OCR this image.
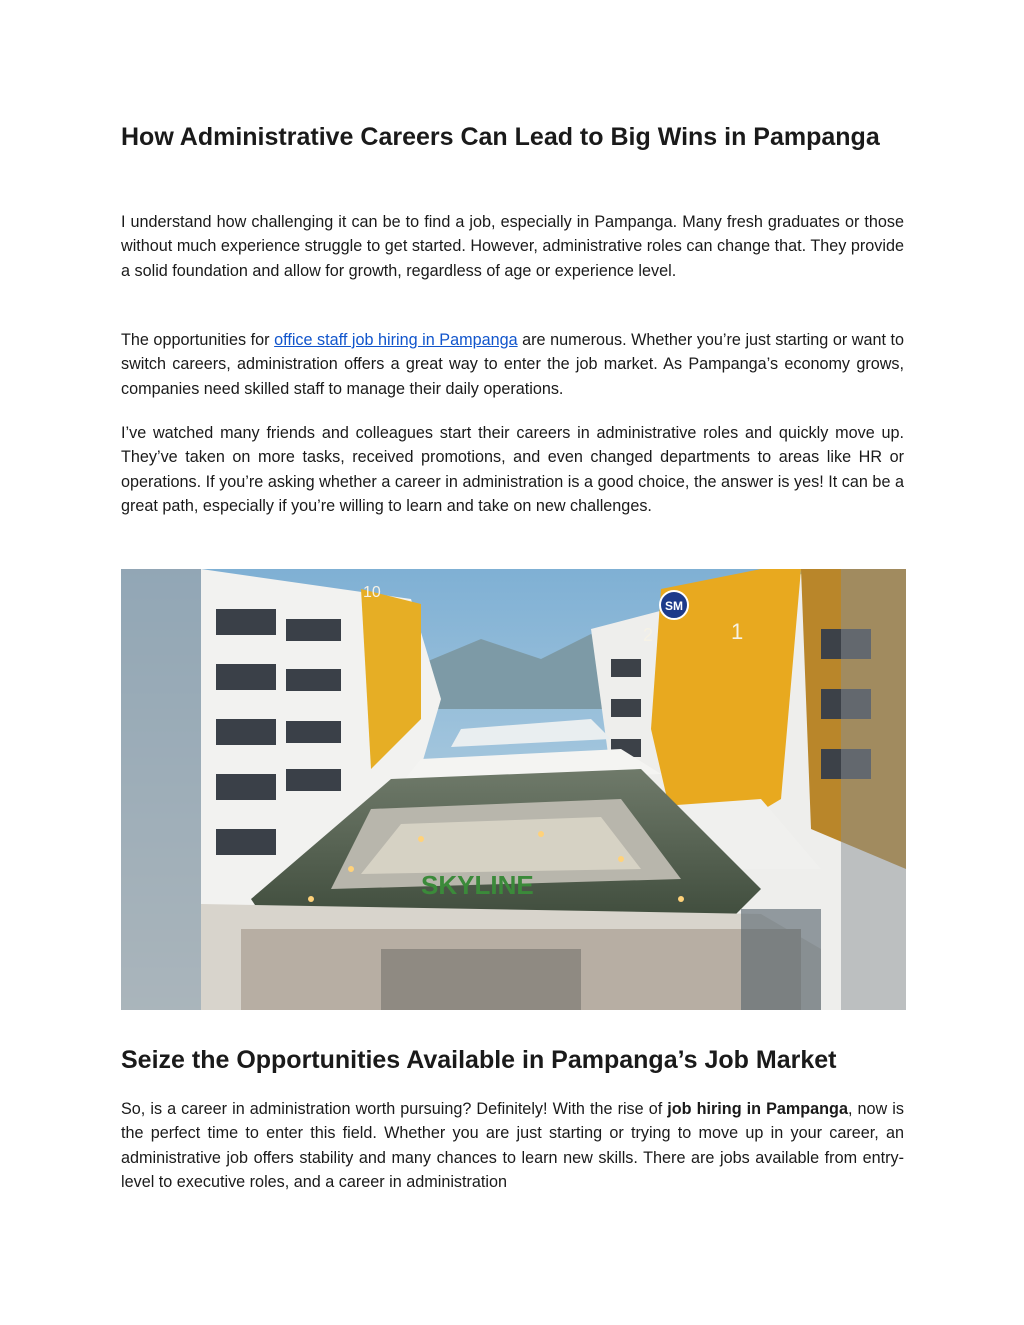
How Administrative Careers Can Lead to Big Wins in Pampanga

I understand how challenging it can be to find a job, especially in Pampanga. Many fresh graduates or those without much experience struggle to get started. However, administrative roles can change that. They provide a solid foundation and allow for growth, regardless of age or experience level.

The opportunities for office staff job hiring in Pampanga are numerous. Whether you’re just starting or want to switch careers, administration offers a great way to enter the job market. As Pampanga’s economy grows, companies need skilled staff to manage their daily operations.

I’ve watched many friends and colleagues start their careers in administrative roles and quickly move up. They’ve taken on more tasks, received promotions, and even changed departments to areas like HR or operations. If you’re asking whether a career in administration is a good choice, the answer is yes! It can be a great path, especially if you’re willing to learn and take on new challenges.

10
SM
2	1
SKYLINE
Seize the Opportunities Available in Pampanga’s Job Market

So, is a career in administration worth pursuing? Definitely! With the rise of job hiring in Pampanga, now is the perfect time to enter this field. Whether you are just starting or trying to move up in your career, an administrative job offers stability and many chances to learn new skills. There are jobs available from entry-level to executive roles, and a career in administration
